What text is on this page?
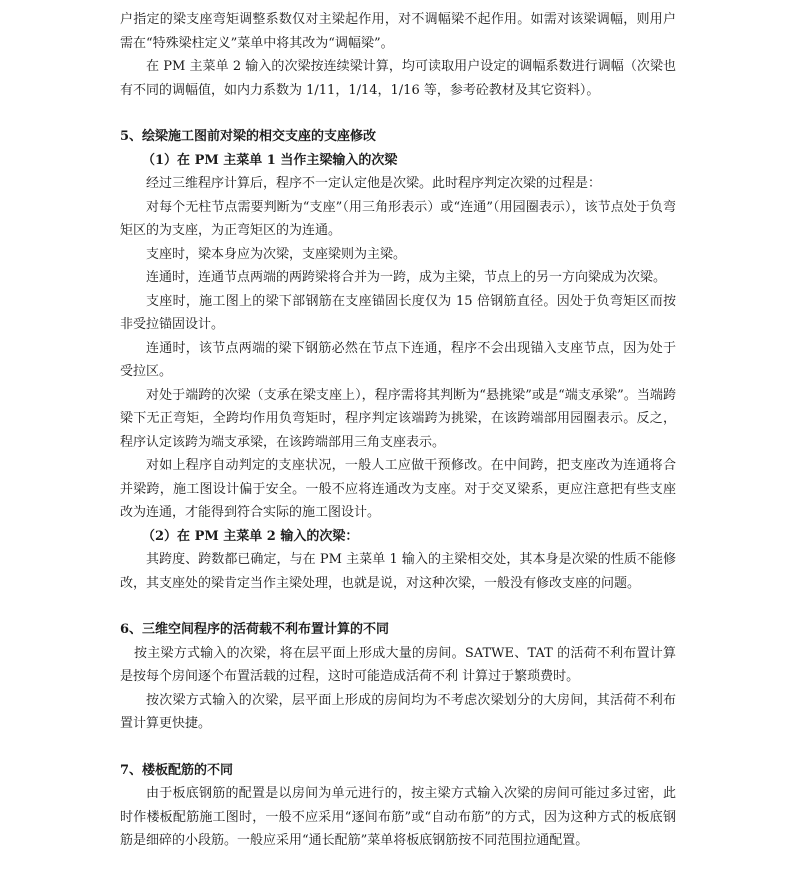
户指定的梁支座弯矩调整系数仅对主梁起作用，对不调幅梁不起作用。如需对该梁调幅，则用户需在“特殊梁柱定义”菜单中将其改为“调幅梁”。

在 PM 主菜单 2 输入的次梁按连续梁计算，均可读取用户设定的调幅系数进行调幅（次梁也有不同的调幅值，如内力系数为 1/11，1/14，1/16 等，参考砼教材及其它资料）。

5、绘梁施工图前对梁的相交支座的支座修改

（1）在 PM 主菜单 1 当作主梁输入的次梁

经过三维程序计算后，程序不一定认定他是次梁。此时程序判定次梁的过程是：

对每个无柱节点需要判断为“支座”（用三角形表示）或“连通”（用园圈表示），该节点处于负弯矩区的为支座，为正弯矩区的为连通。

支座时，梁本身应为次梁，支座梁则为主梁。

连通时，连通节点两端的两跨梁将合并为一跨，成为主梁，节点上的另一方向梁成为次梁。

支座时，施工图上的梁下部钢筋在支座锚固长度仅为 15 倍钢筋直径。因处于负弯矩区而按非受拉锚固设计。

连通时，该节点两端的梁下钢筋必然在节点下连通，程序不会出现锚入支座节点，因为处于受拉区。

对处于端跨的次梁（支承在梁支座上），程序需将其判断为“悬挑梁”或是“端支承梁”。当端跨梁下无正弯矩，全跨均作用负弯矩时，程序判定该端跨为挑梁，在该跨端部用园圈表示。反之，程序认定该跨为端支承梁，在该跨端部用三角支座表示。

对如上程序自动判定的支座状况，一般人工应做干预修改。在中间跨，把支座改为连通将合并梁跨，施工图设计偏于安全。一般不应将连通改为支座。对于交叉梁系，更应注意把有些支座改为连通，才能得到符合实际的施工图设计。

（2）在 PM 主菜单 2 输入的次梁：

其跨度、跨数都已确定，与在 PM 主菜单 1 输入的主梁相交处，其本身是次梁的性质不能修改，其支座处的梁肯定当作主梁处理，也就是说，对这种次梁，一般没有修改支座的问题。

6、三维空间程序的活荷载不利布置计算的不同

按主梁方式输入的次梁，将在层平面上形成大量的房间。SATWE、TAT 的活荷不利布置计算是按每个房间逐个布置活载的过程，这时可能造成活荷不利 计算过于繁琐费时。

按次梁方式输入的次梁，层平面上形成的房间均为不考虑次梁划分的大房间，其活荷不利布置计算更快捷。

7、楼板配筋的不同

由于板底钢筋的配置是以房间为单元进行的，按主梁方式输入次梁的房间可能过多过密，此时作楼板配筋施工图时，一般不应采用“逐间布筋”或“自动布筋”的方式，因为这种方式的板底钢筋是细碎的小段筋。一般应采用“通长配筋”菜单将板底钢筋按不同范围拉通配置。
